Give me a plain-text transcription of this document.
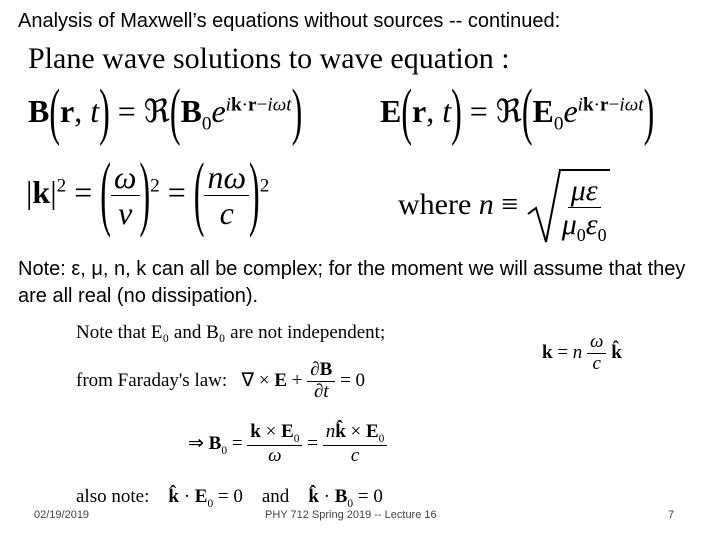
Analysis of Maxwell’s equations without sources -- continued:
Plane wave solutions to wave equation :
B(r, $t) = ℜ(B_0e^{ik\cdot r-i\omega t})$ E(r, $t) = ℜ(E_0e^{ik\cdot r-i\omega t})$
$|k|^2$ = ( $\frac{\omega}{v} )^2$ = ( $\frac{n\omega}{c} )^2$
where $n \equiv \frac{\mu\varepsilon}{\mu_0\varepsilon_0}$
Note: ε, μ, n, k can all be complex; for the moment we will assume that they are all real (no dissipation).
Note that E₀ and B₀ are not independent;
k = n $\frac{\omega}{c}$ k̂
from Faraday's law:   ∇ × $E + \frac{\partial B}{\partial t} = 0$
⇒ $B_0 = \frac{k \times E_0}{\omega} = \frac{nk̂ \times E_0}{c}$
also note: k̂ · $E_0 = 0$    and    k̂ · $B_0 = 0$
02/19/2019	PHY 712 Spring 2019 -- Lecture 16	7
